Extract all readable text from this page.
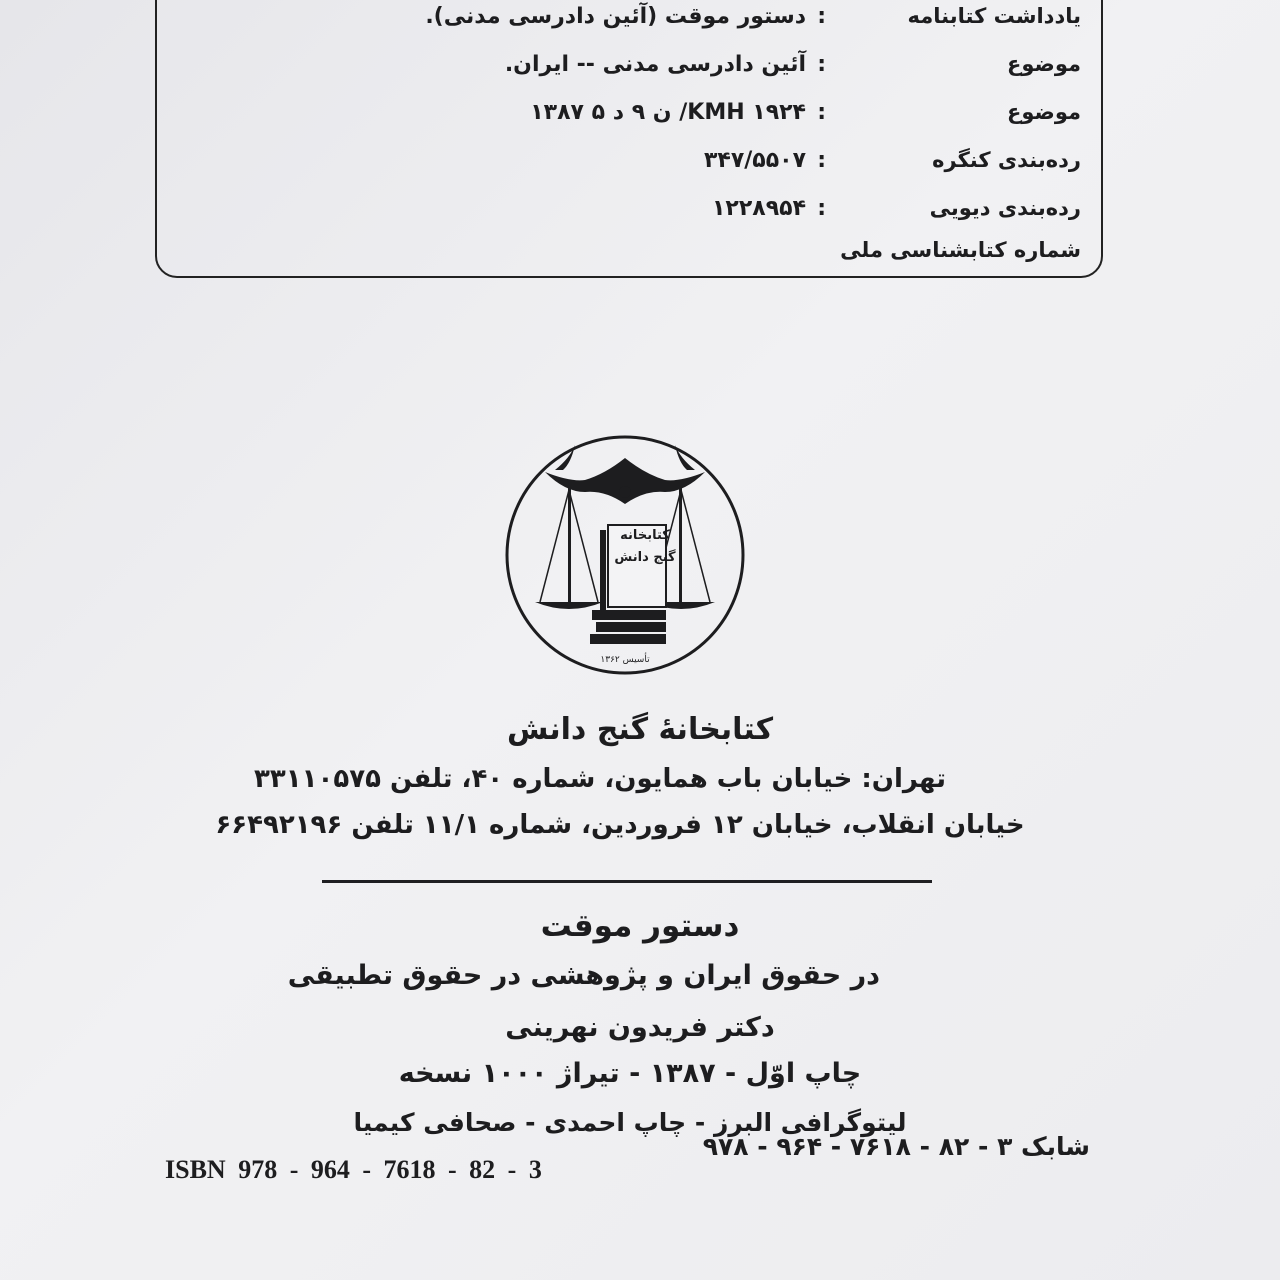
یادداشت کتابنامه
:
دستور موقت (آئین دادرسی مدنی).
موضوع
:
آئین دادرسی مدنی -- ایران.
موضوع
:
KMH ۱۹۲۴/ ن ۹ د ۵ ۱۳۸۷
رده‌بندی کنگره
:
۳۴۷/۵۵۰۷
رده‌بندی دیویی
:
۱۲۲۸۹۵۴
شماره کتابشناسی ملی
کتابخانه گنج دانش
تأسیس ۱۳۶۲
کتابخانهٔ گنج دانش
تهران: خیابان باب همایون، شماره ۴۰، تلفن ۳۳۱۱۰۵۷۵
خیابان انقلاب، خیابان ۱۲ فروردین، شماره ۱۱/۱ تلفن ۶۶۴۹۲۱۹۶
دستور موقت
در حقوق ایران و پژوهشی در حقوق تطبیقی
دکتر فریدون نهرینی
چاپ اوّل - ۱۳۸۷ - تیراژ ۱۰۰۰ نسخه
لیتوگرافی البرز - چاپ احمدی - صحافی کیمیا
شابک ۳ - ۸۲ - ۷۶۱۸ - ۹۶۴ - ۹۷۸
ISBN 978 - 964 - 7618 - 82 - 3
